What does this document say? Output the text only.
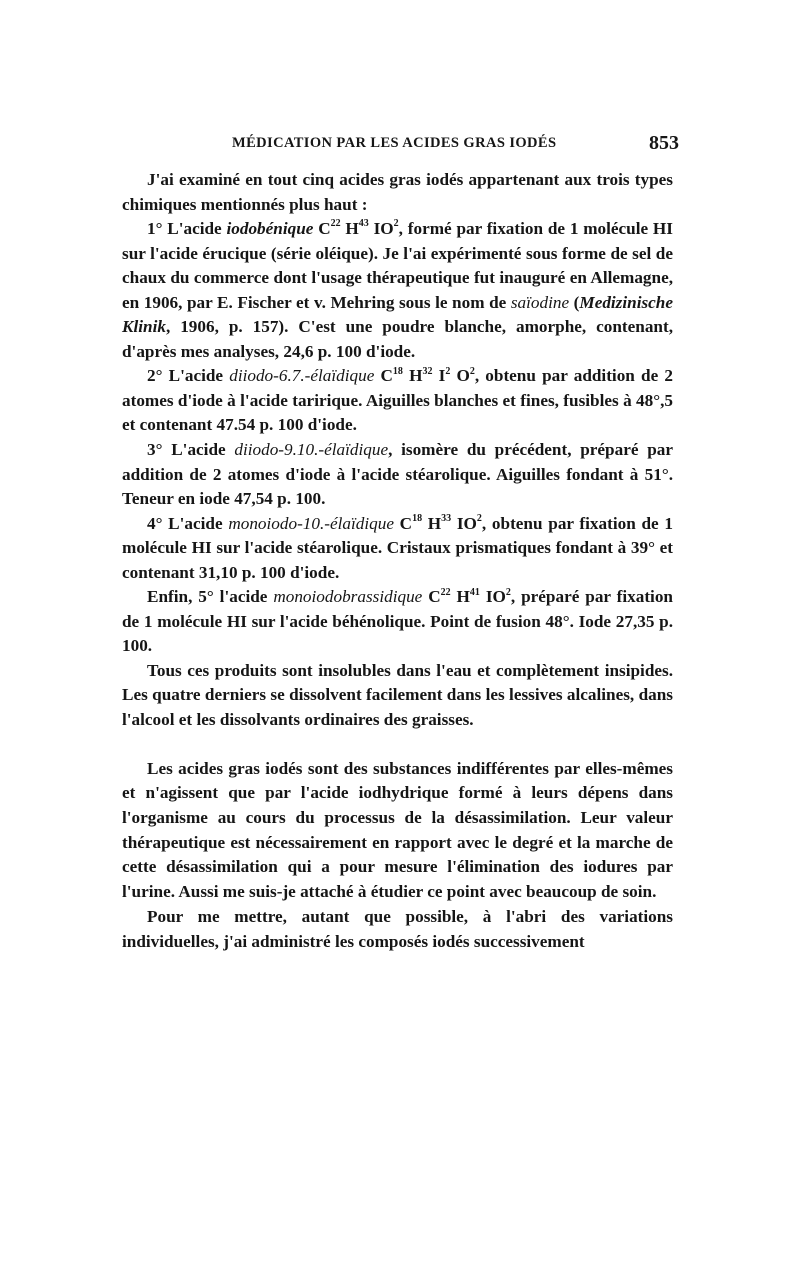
MÉDICATION PAR LES ACIDES GRAS IODÉS	853

J'ai examiné en tout cinq acides gras iodés appartenant aux trois types chimiques mentionnés plus haut :

1° L'acide iodobénique $C^{22}$ $H^{43}$ $IO^2$, formé par fixation de 1 molécule HI sur l'acide érucique (série oléique). Je l'ai expérimenté sous forme de sel de chaux du commerce dont l'usage thérapeutique fut inauguré en Allemagne, en 1906, par E. Fischer et v. Mehring sous le nom de saïodine (Medizinische Klinik, 1906, p. 157). C'est une poudre blanche, amorphe, contenant, d'après mes analyses, 24,6 p. 100 d'iode.

2° L'acide diiodo-6.7.-élaïdique $C^{18}$ $H^{32}$ $I^2$ $O^2$, obtenu par addition de 2 atomes d'iode à l'acide taririque. Aiguilles blanches et fines, fusibles à 48°,5 et contenant 47.54 p. 100 d'iode.

3° L'acide diiodo-9.10.-élaïdique, isomère du précédent, préparé par addition de 2 atomes d'iode à l'acide stéarolique. Aiguilles fondant à 51°. Teneur en iode 47,54 p. 100.

4° L'acide monoiodo-10.-élaïdique $C^{18}$ $H^{33}$ $IO^2$, obtenu par fixation de 1 molécule HI sur l'acide stéarolique. Cristaux prismatiques fondant à 39° et contenant 31,10 p. 100 d'iode.

Enfin, 5° l'acide monoiodobrassidique $C^{22}$ $H^{41}$ $IO^2$, préparé par fixation de 1 molécule HI sur l'acide béhénolique. Point de fusion 48°. Iode 27,35 p. 100.

Tous ces produits sont insolubles dans l'eau et complètement insipides. Les quatre derniers se dissolvent facilement dans les lessives alcalines, dans l'alcool et les dissolvants ordinaires des graisses.

Les acides gras iodés sont des substances indifférentes par elles-mêmes et n'agissent que par l'acide iodhydrique formé à leurs dépens dans l'organisme au cours du processus de la désassimilation. Leur valeur thérapeutique est nécessairement en rapport avec le degré et la marche de cette désassimilation qui a pour mesure l'élimination des iodures par l'urine. Aussi me suis-je attaché à étudier ce point avec beaucoup de soin.

Pour me mettre, autant que possible, à l'abri des variations individuelles, j'ai administré les composés iodés successivement
